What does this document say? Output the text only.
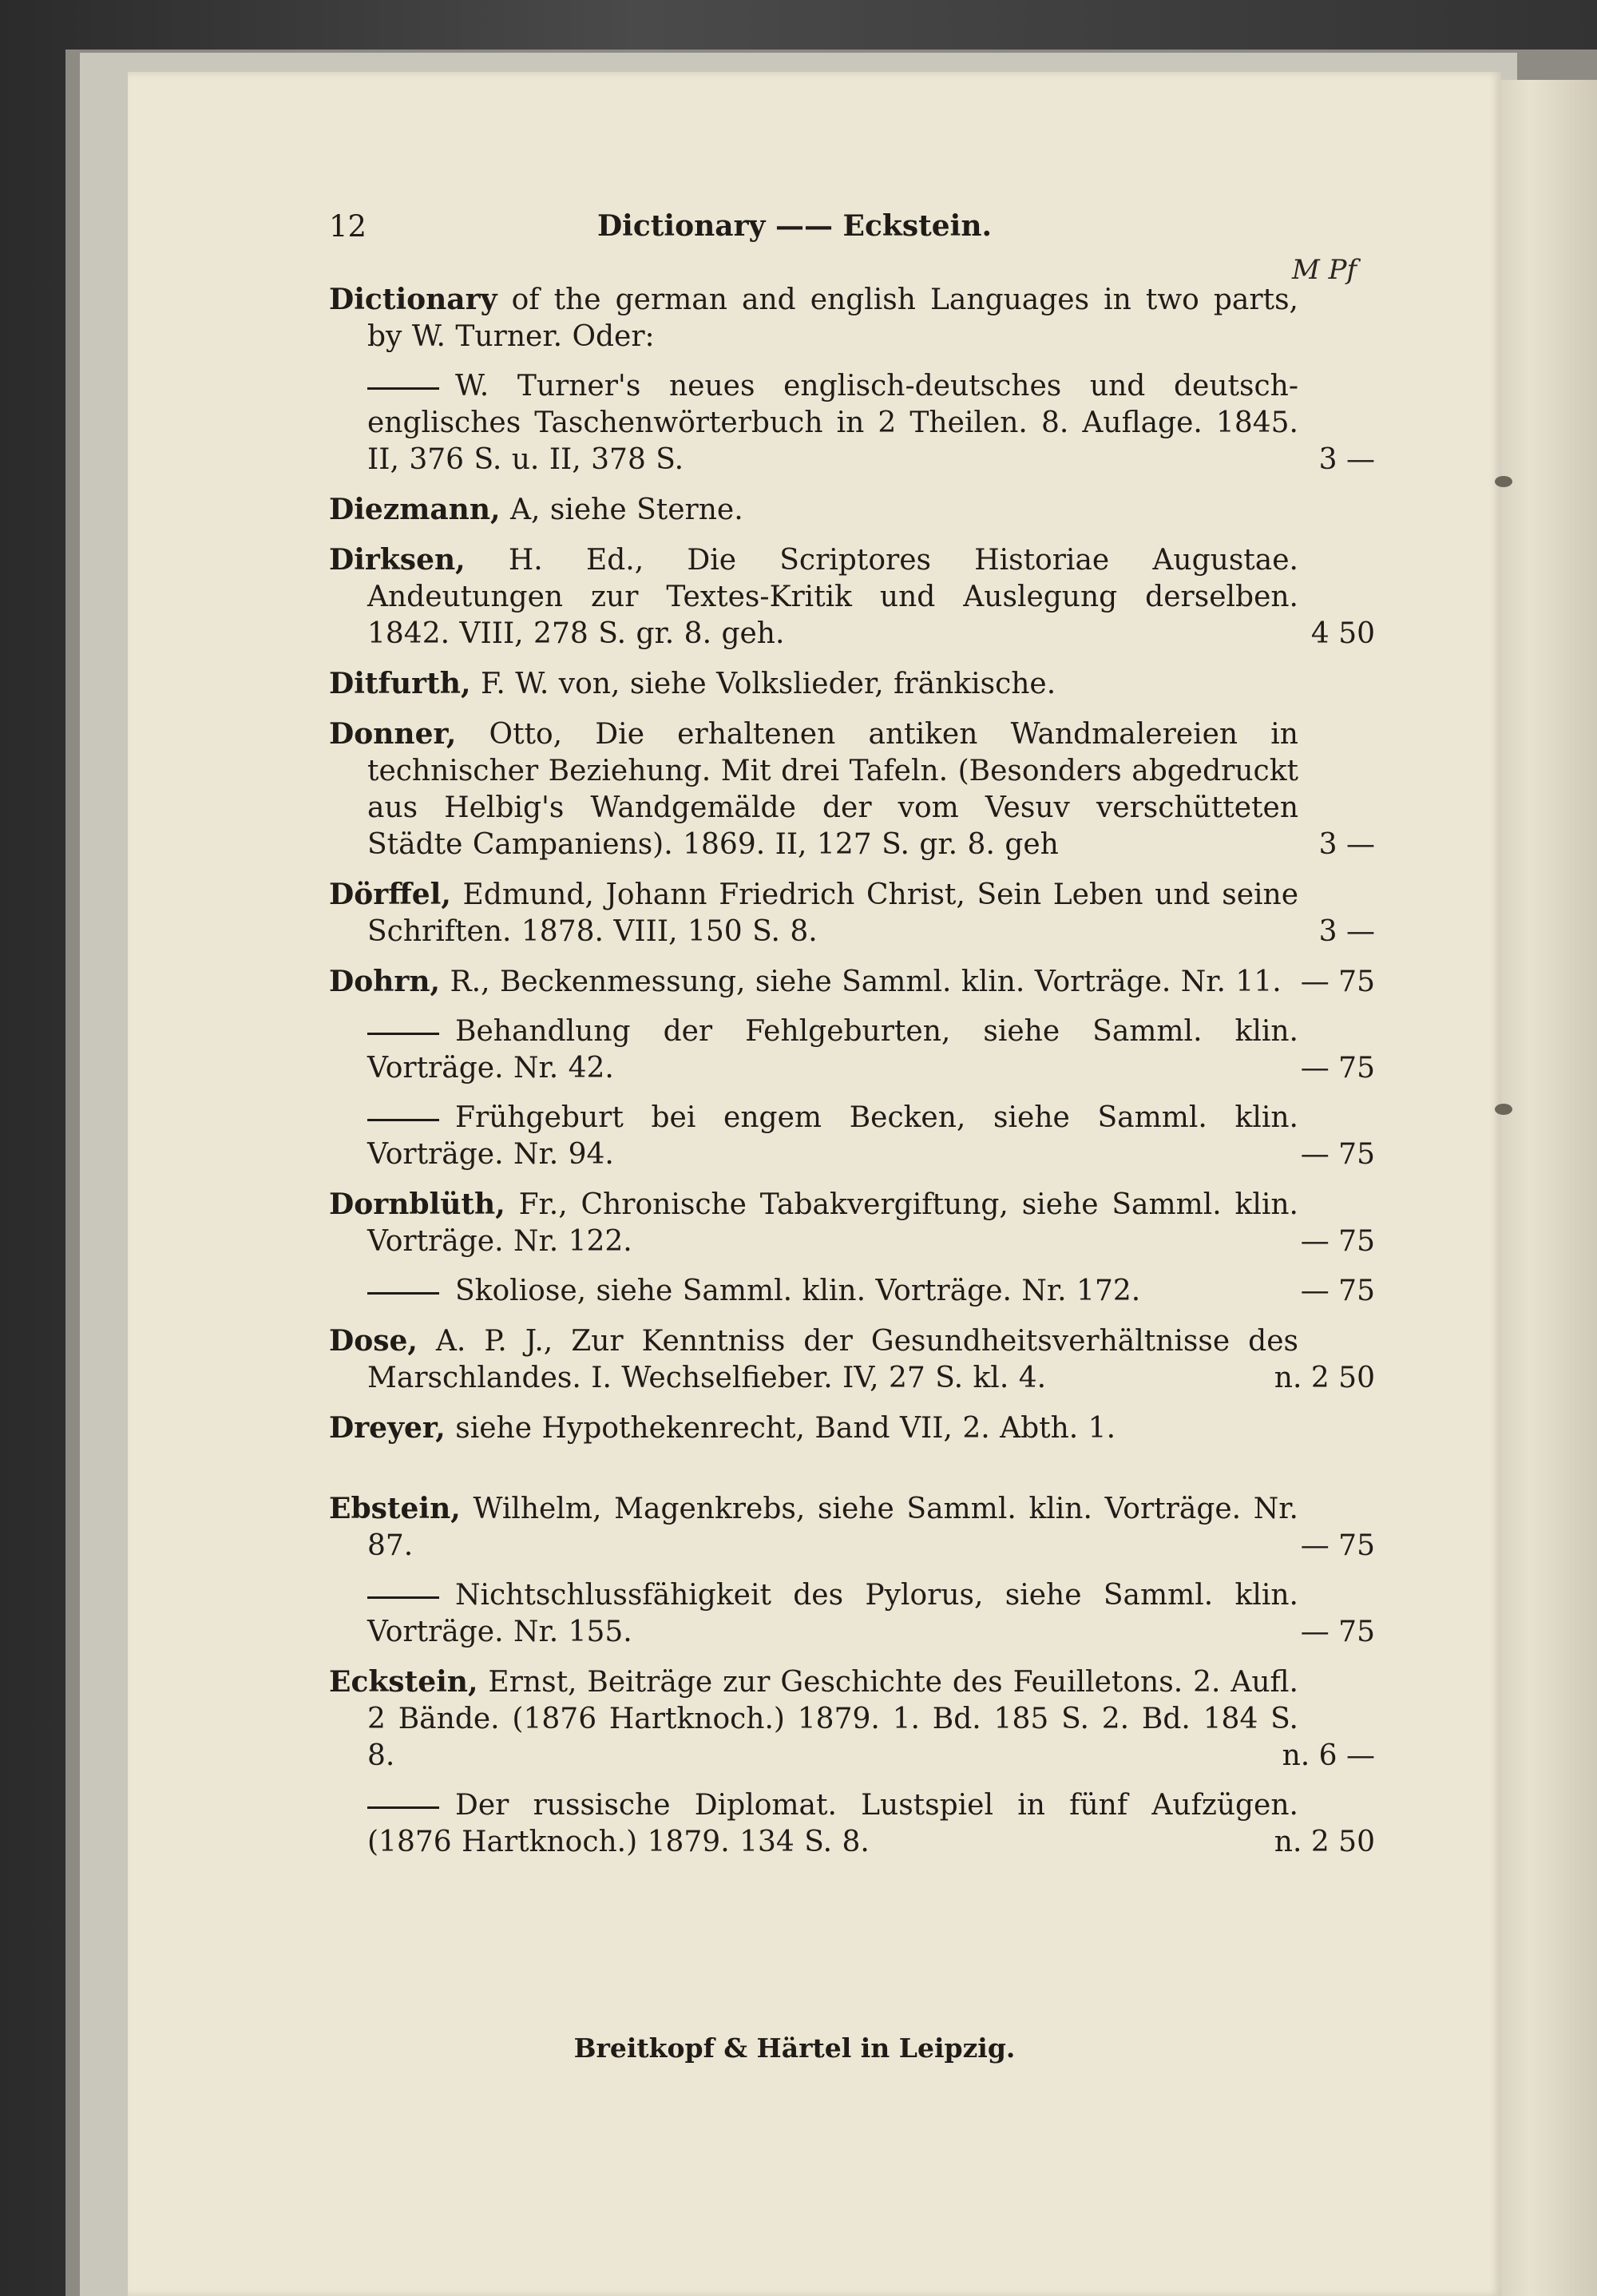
12	Dictionary —— Eckstein.
M Pf
Dictionary of the german and english Languages in two parts, by W. Turner. Oder:
W. Turner's neues englisch-deutsches und deutsch-englisches Taschenwörterbuch in 2 Theilen. 8. Auflage. 1845. II, 376 S. u. II, 378 S.	3 —
Diezmann, A, siehe Sterne.
Dirksen, H. Ed., Die Scriptores Historiae Augustae. Andeutungen zur Textes-Kritik und Auslegung derselben. 1842. VIII, 278 S. gr. 8. geh.	4 50
Ditfurth, F. W. von, siehe Volkslieder, fränkische.
Donner, Otto, Die erhaltenen antiken Wandmalereien in technischer Beziehung. Mit drei Tafeln. (Besonders abgedruckt aus Helbig's Wandgemälde der vom Vesuv verschütteten Städte Campaniens). 1869. II, 127 S. gr. 8. geh	3 —
Dörffel, Edmund, Johann Friedrich Christ, Sein Leben und seine Schriften. 1878. VIII, 150 S. 8.	3 —
Dohrn, R., Beckenmessung, siehe Samml. klin. Vorträge. Nr. 11. — 75
Behandlung der Fehlgeburten, siehe Samml. klin. Vorträge. Nr. 42.	— 75
Frühgeburt bei engem Becken, siehe Samml. klin. Vorträge. Nr. 94.	— 75
Dornblüth, Fr., Chronische Tabakvergiftung, siehe Samml. klin. Vorträge. Nr. 122.	— 75
Skoliose, siehe Samml. klin. Vorträge. Nr. 172.	— 75
Dose, A. P. J., Zur Kenntniss der Gesundheitsverhältnisse des Marschlandes. I. Wechselfieber. IV, 27 S. kl. 4.	n. 2 50
Dreyer, siehe Hypothekenrecht, Band VII, 2. Abth. 1.
Ebstein, Wilhelm, Magenkrebs, siehe Samml. klin. Vorträge. Nr. 87.	— 75
Nichtschlussfähigkeit des Pylorus, siehe Samml. klin. Vorträge. Nr. 155.	— 75
Eckstein, Ernst, Beiträge zur Geschichte des Feuilletons. 2. Aufl. 2 Bände. (1876 Hartknoch.) 1879. 1. Bd. 185 S. 2. Bd. 184 S. 8.	n. 6 —
Der russische Diplomat. Lustspiel in fünf Aufzügen. (1876 Hartknoch.) 1879. 134 S. 8.	n. 2 50
Breitkopf & Härtel in Leipzig.
